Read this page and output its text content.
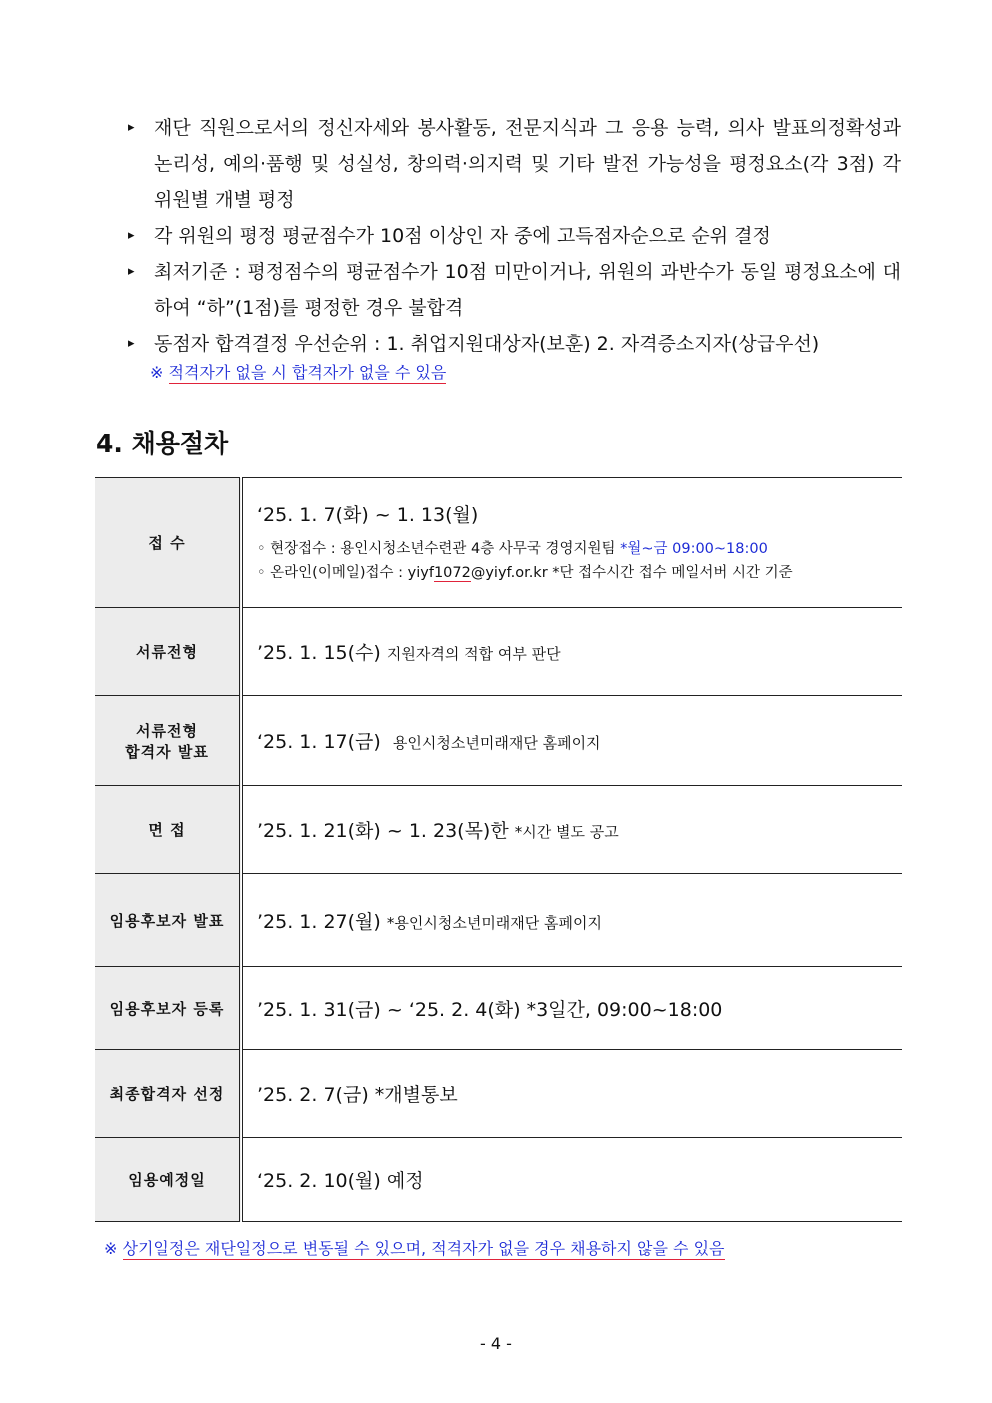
▸ 재단 직원으로서의 정신자세와 봉사활동, 전문지식과 그 응용 능력, 의사 발표의정확성과 논리성, 예의·품행 및 성실성, 창의력·의지력 및 기타 발전 가능성을 평정요소(각 3점) 각 위원별 개별 평정

▸ 각 위원의 평정 평균점수가 10점 이상인 자 중에 고득점자순으로 순위 결정

▸ 최저기준 : 평정점수의 평균점수가 10점 미만이거나, 위원의 과반수가 동일 평정요소에 대하여 “하”(1점)를 평정한 경우 불합격

▸ 동점자 합격결정 우선순위 : 1. 취업지원대상자(보훈) 2. 자격증소지자(상급우선)

※ 적격자가 없을 시 합격자가 없을 수 있음
4. 채용절차
접 수	‘25. 1. 7(화) ~ 1. 13(월)
◦ 현장접수 : 용인시청소년수련관 4층 사무국 경영지원팀 *월~금 09:00~18:00
◦ 온라인(이메일)접수 : yiyf1072@yiyf.or.kr *단 접수시간 접수 메일서버 시간 기준

서류전형	’25. 1. 15(수) 지원자격의 적합 여부 판단

서류전형
합격자 발표	‘25. 1. 17(금) 용인시청소년미래재단 홈페이지
면 접	’25. 1. 21(화) ~ 1. 23(목)한 *시간 별도 공고
임용후보자 발표	’25. 1. 27(월) *용인시청소년미래재단 홈페이지
임용후보자 등록	’25. 1. 31(금) ~ ‘25. 2. 4(화) *3일간, 09:00~18:00
최종합격자 선정	’25. 2. 7(금) *개별통보
임용예정일	‘25. 2. 10(월) 예정
※ 상기일정은 재단일정으로 변동될 수 있으며, 적격자가 없을 경우 채용하지 않을 수 있음
- 4 -
